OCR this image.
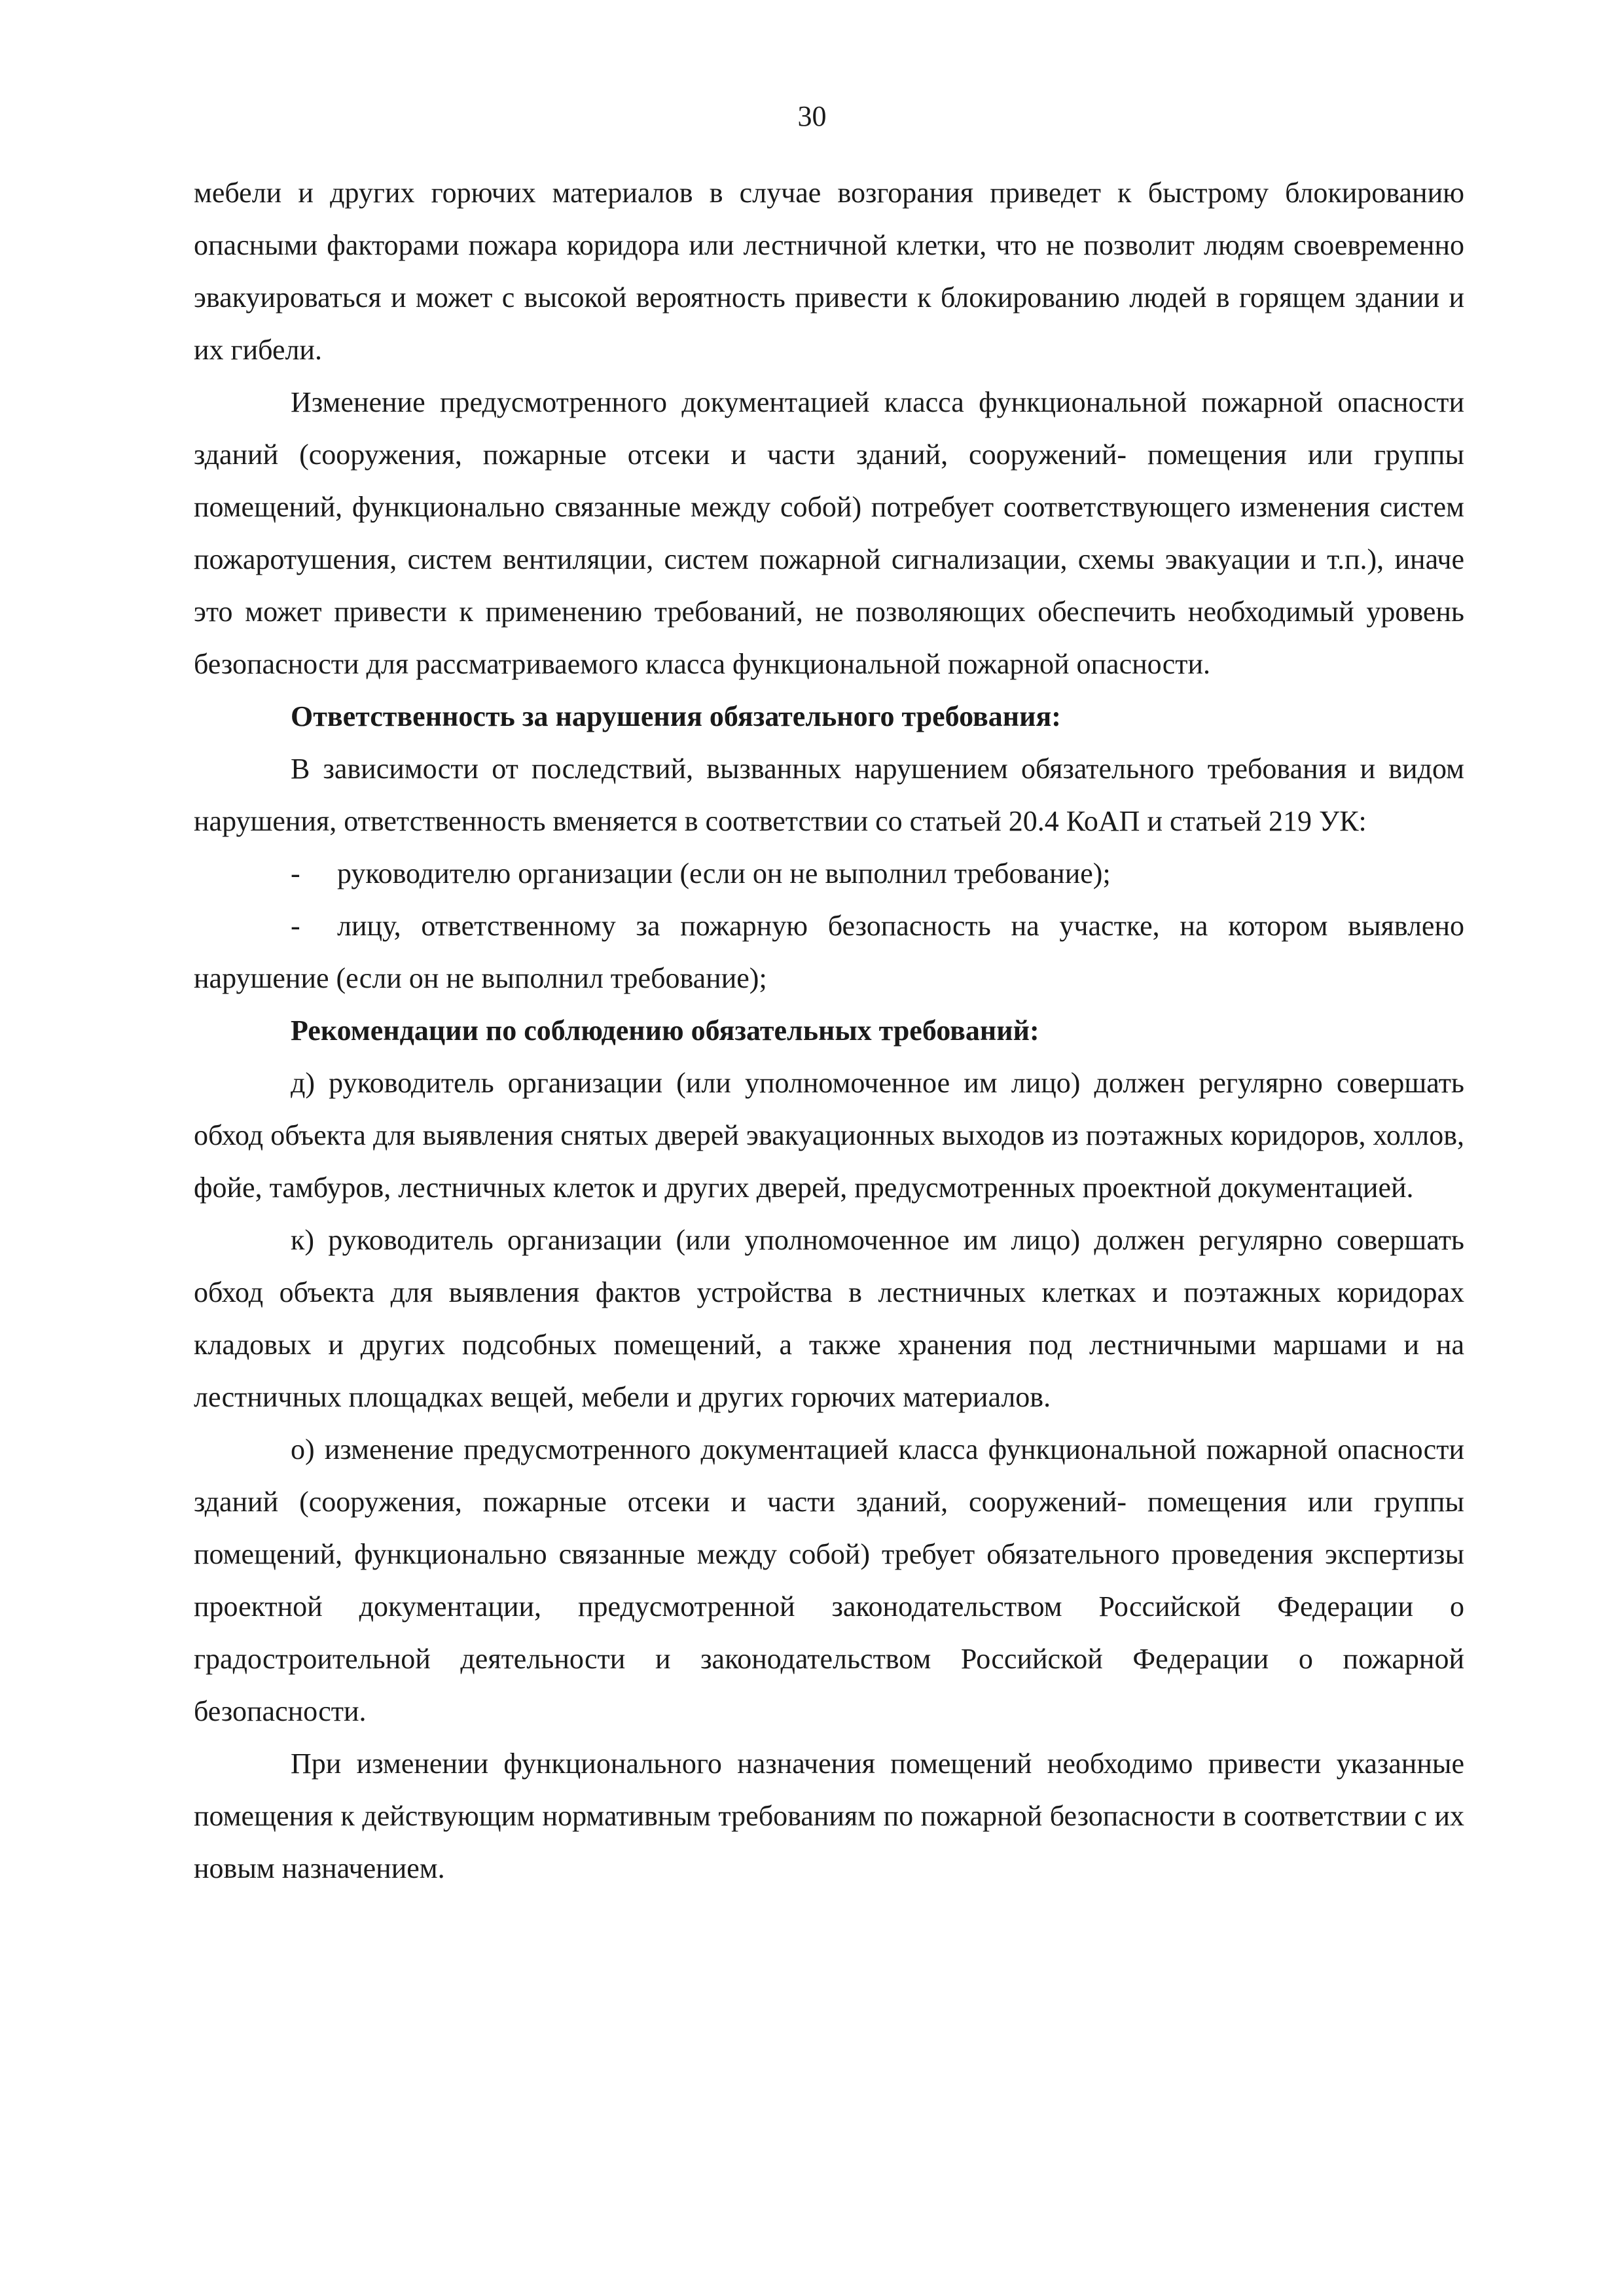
30

мебели и других горючих материалов в случае возгорания приведет к быстрому блокированию опасными факторами пожара коридора или лестничной клетки, что не позволит людям своевременно эвакуироваться и может с высокой вероятность привести к блокированию людей в горящем здании и их гибели.

Изменение предусмотренного документацией класса функциональной пожарной опасности зданий (сооружения, пожарные отсеки и части зданий, сооружений- помещения или группы помещений, функционально связанные между собой) потребует соответствующего изменения систем пожаротушения, систем вентиляции, систем пожарной сигнализации, схемы эвакуации и т.п.), иначе это может привести к применению требований, не позволяющих обеспечить необходимый уровень безопасности для рассматриваемого класса функциональной пожарной опасности.

Ответственность за нарушения обязательного требования:

В зависимости от последствий, вызванных нарушением обязательного требования и видом нарушения, ответственность вменяется в соответствии со статьей 20.4 КоАП и статьей 219 УК:

- руководителю организации (если он не выполнил требование);

- лицу, ответственному за пожарную безопасность на участке, на котором выявлено нарушение (если он не выполнил требование);

Рекомендации по соблюдению обязательных требований:

д) руководитель организации (или уполномоченное им лицо) должен регулярно совершать обход объекта для выявления снятых дверей эвакуационных выходов из поэтажных коридоров, холлов, фойе, тамбуров, лестничных клеток и других дверей, предусмотренных проектной документацией.

к) руководитель организации (или уполномоченное им лицо) должен регулярно совершать обход объекта для выявления фактов устройства в лестничных клетках и поэтажных коридорах кладовых и других подсобных помещений, а также хранения под лестничными маршами и на лестничных площадках вещей, мебели и других горючих материалов.

о) изменение предусмотренного документацией класса функциональной пожарной опасности зданий (сооружения, пожарные отсеки и части зданий, сооружений- помещения или группы помещений, функционально связанные между собой) требует обязательного проведения экспертизы проектной документации, предусмотренной законодательством Российской Федерации о градостроительной деятельности и законодательством Российской Федерации о пожарной безопасности.

При изменении функционального назначения помещений необходимо привести указанные помещения к действующим нормативным требованиям по пожарной безопасности в соответствии с их новым назначением.
